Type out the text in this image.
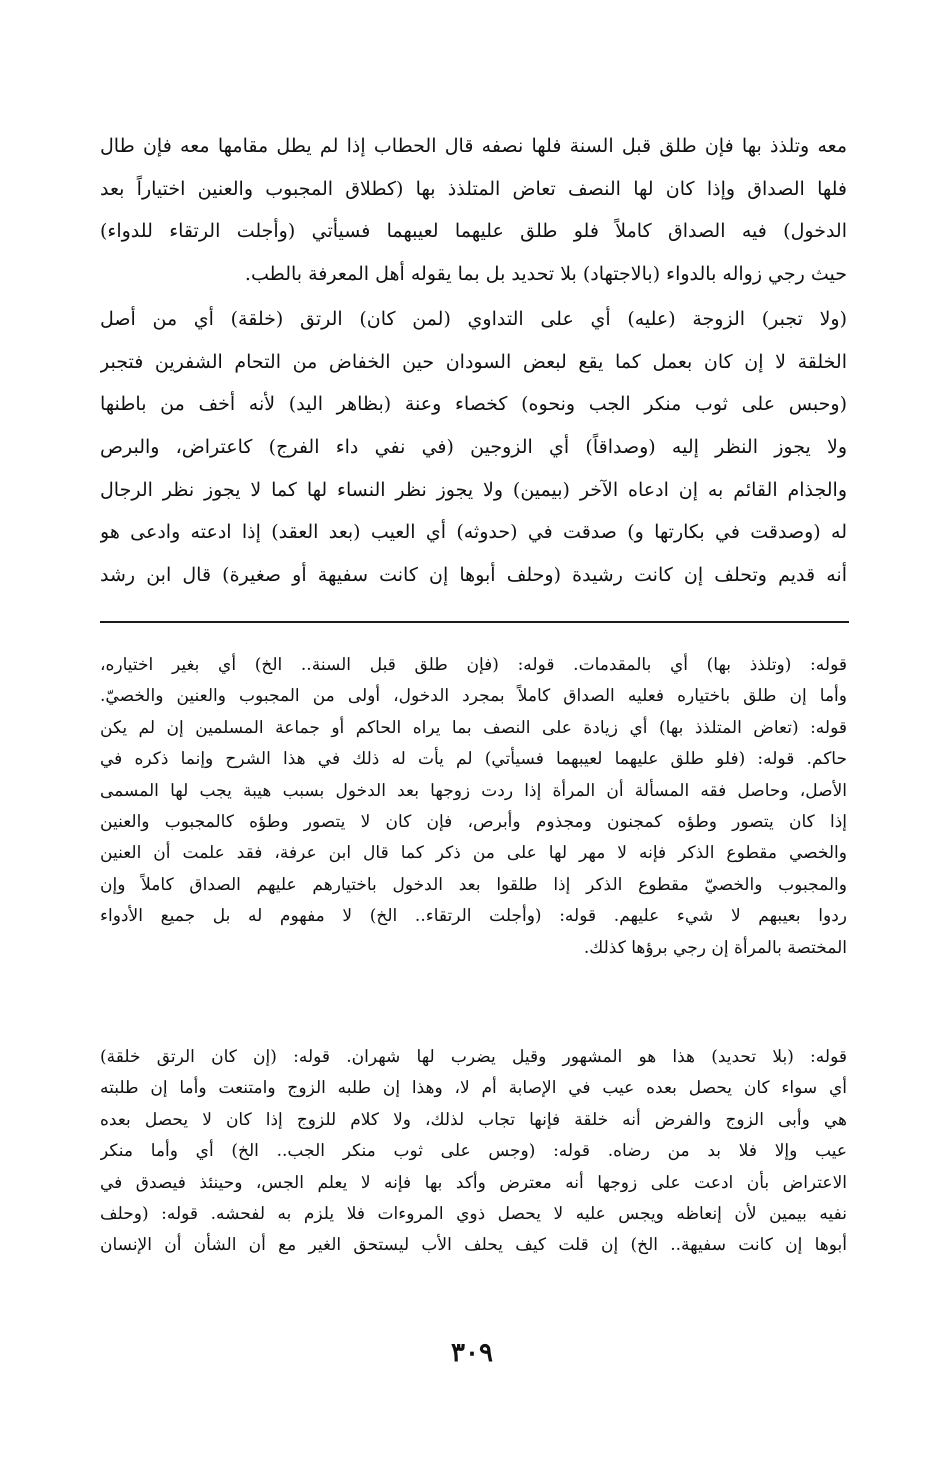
معه وتلذذ بها فإن طلق قبل السنة فلها نصفه قال الحطاب إذا لم يطل مقامها معه فإن طال
فلها الصداق وإذا كان لها النصف تعاض المتلذذ بها (كطلاق المجبوب والعنين اختياراً بعد
الدخول) فيه الصداق كاملاً فلو طلق عليهما لعيبهما فسيأتي (وأجلت الرتقاء للدواء)
حيث رجي زواله بالدواء (بالاجتهاد) بلا تحديد بل بما يقوله أهل المعرفة بالطب.
(ولا تجبر) الزوجة (عليه) أي على التداوي (لمن كان) الرتق (خلقة) أي من أصل
الخلقة لا إن كان بعمل كما يقع لبعض السودان حين الخفاض من التحام الشفرين فتجبر
(وحبس على ثوب منكر الجب ونحوه) كخصاء وعنة (بظاهر اليد) لأنه أخف من باطنها
ولا يجوز النظر إليه (وصداقاً) أي الزوجين (في نفي داء الفرج) كاعتراض، والبرص
والجذام القائم به إن ادعاه الآخر (بيمين) ولا يجوز نظر النساء لها كما لا يجوز نظر الرجال
له (وصدقت في بكارتها و) صدقت في (حدوثه) أي العيب (بعد العقد) إذا ادعته وادعى هو
أنه قديم وتحلف إن كانت رشيدة (وحلف أبوها إن كانت سفيهة أو صغيرة) قال ابن رشد
قوله: (وتلذذ بها) أي بالمقدمات. قوله: (فإن طلق قبل السنة.. الخ) أي بغير اختياره،
وأما إن طلق باختياره فعليه الصداق كاملاً بمجرد الدخول، أولى من المجبوب والعنين والخصيّ.
قوله: (تعاض المتلذذ بها) أي زيادة على النصف بما يراه الحاكم أو جماعة المسلمين إن لم يكن
حاكم. قوله: (فلو طلق عليهما لعيبهما فسيأتي) لم يأت له ذلك في هذا الشرح وإنما ذكره في
الأصل، وحاصل فقه المسألة أن المرأة إذا ردت زوجها بعد الدخول بسبب هيبة يجب لها المسمى
إذا كان يتصور وطؤه كمجنون ومجذوم وأبرص، فإن كان لا يتصور وطؤه كالمجبوب والعنين
والخصي مقطوع الذكر فإنه لا مهر لها على من ذكر كما قال ابن عرفة، فقد علمت أن العنين
والمجبوب والخصيّ مقطوع الذكر إذا طلقوا بعد الدخول باختيارهم عليهم الصداق كاملاً وإن
ردوا بعيبهم لا شيء عليهم. قوله: (وأجلت الرتقاء.. الخ) لا مفهوم له بل جميع الأدواء
المختصة بالمرأة إن رجي برؤها كذلك.
قوله: (بلا تحديد) هذا هو المشهور وقيل يضرب لها شهران. قوله: (إن كان الرتق خلقة)
أي سواء كان يحصل بعده عيب في الإصابة أم لا، وهذا إن طلبه الزوج وامتنعت وأما إن طلبته
هي وأبى الزوج والفرض أنه خلقة فإنها تجاب لذلك، ولا كلام للزوج إذا كان لا يحصل بعده
عيب وإلا فلا بد من رضاه. قوله: (وجس على ثوب منكر الجب.. الخ) أي وأما منكر
الاعتراض بأن ادعت على زوجها أنه معترض وأكد بها فإنه لا يعلم الجس، وحينئذ فيصدق في
نفيه بيمين لأن إنعاظه ويجس عليه لا يحصل ذوي المروءات فلا يلزم به لفحشه. قوله: (وحلف
أبوها إن كانت سفيهة.. الخ) إن قلت كيف يحلف الأب ليستحق الغير مع أن الشأن أن الإنسان
٣٠٩
